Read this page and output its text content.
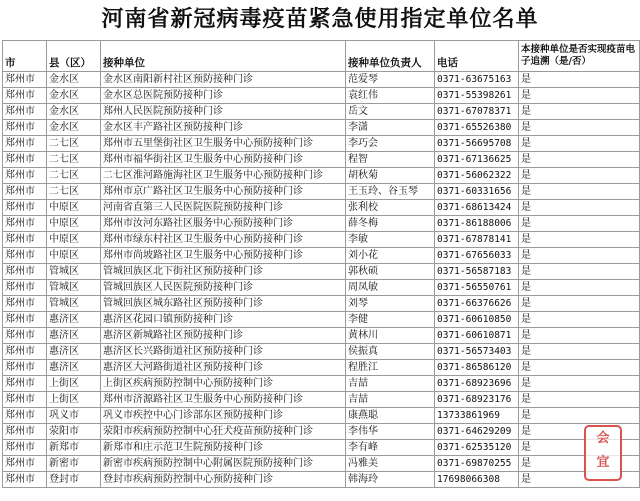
河南省新冠病毒疫苗紧急使用指定单位名单
市	县（区）	接种单位	接种单位负责人	电话	本接种单位是否实现疫苗电子追溯（是/否）
郑州市	金水区	金水区南阳新村社区预防接种门诊	范爱琴	0371-63675163	是
郑州市	金水区	金水区总医院预防接种门诊	袁红伟	0371-55398261	是
郑州市	金水区	郑州人民医院预防接种门诊	岳文	0371-67078371	是
郑州市	金水区	金水区丰产路社区预防接种门诊	李潇	0371-65526380	是
郑州市	二七区	郑州市五里堡街社区卫生服务中心预防接种门诊	李巧会	0371-56695708	是
郑州市	二七区	郑州市福华街社区卫生服务中心预防接种门诊	程智	0371-67136625	是
郑州市	二七区	二七区淮河路施海社区卫生服务中心预防接种门诊	胡秋菊	0371-56062322	是
郑州市	二七区	郑州市京广路社区卫生服务中心预防接种门诊	王玉玲、谷玉琴	0371-60331656	是
郑州市	中原区	河南省直第三人民医院医院预防接种门诊	张利校	0371-68613424	是
郑州市	中原区	郑州市汝河东路社区服务中心预防接种门诊	薛冬梅	0371-86188006	是
郑州市	中原区	郑州市绿东村社区卫生服务中心预防接种门诊	李敏	0371-67878141	是
郑州市	中原区	郑州市尚坡路社区卫生服务中心预防接种门诊	刘小花	0371-67656033	是
郑州市	管城区	管城回族区北下街社区预防接种门诊	郭秋硕	0371-56587183	是
郑州市	管城区	管城回族区人民医院预防接种门诊	周凤敏	0371-56550761	是
郑州市	管城区	管城回族区城东路社区预防接种门诊	刘琴	0371-66376626	是
郑州市	惠济区	惠济区花园口镇预防接种门诊	李健	0371-60610850	是
郑州市	惠济区	惠济区新城路社区预防接种门诊	黄林川	0371-60610871	是
郑州市	惠济区	惠济区长兴路街道社区预防接种门诊	侯振真	0371-56573403	是
郑州市	惠济区	惠济区大河路街道社区预防接种门诊	程胜江	0371-86586120	是
郑州市	上街区	上街区疾病预防控制中心预防接种门诊	吉喆	0371-68923696	是
郑州市	上街区	郑州市济源路社区卫生服务中心预防接种门诊	吉喆	0371-68923176	是
郑州市	巩义市	巩义市疾控中心门诊部东区预防接种门诊	康燕聪	13733861969	是
郑州市	荥阳市	荥阳市疾病预防控制中心狂犬疫苗预防接种门诊	李伟华	0371-64629209	是
郑州市	新郑市	新郑市和庄示范卫生院预防接种门诊	李有峰	0371-62535120	是
郑州市	新密市	新密市疾病预防控制中心附属医院预防接种门诊	冯雅美	0371-69870255	是
郑州市	登封市	登封市疾病预防控制中心预防接种门诊	韩海玲	17698066308	是
会
宜
